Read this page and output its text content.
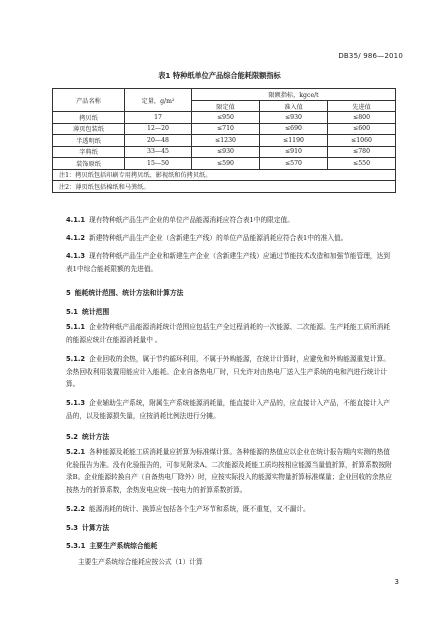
DB35/ 986—2010
表1 特种纸单位产品综合能耗限额指标
产品名称	定量，g/m²	限额指标，kgce/t		
		限定值	准入值	先进值
拷贝纸	17	≤950	≤930	≤800
薄页包装纸	12—20	≤710	≤690	≤600
半透明纸	20—48	≤1230	≤1190	≤1060
字典纸	33—45	≤930	≤910	≤780
装饰原纸	15—50	≤590	≤570	≤550
注1：拷贝纸包括印刷专用拷贝纸、影视纸和仿拷贝纸。				
注2：薄页纸包括棉纸和马粪纸。				
4.1.1 现有特种纸产品生产企业的单位产品能源消耗应符合表1中的限定值。
4.1.2 新建特种纸产品生产企业（含新建生产线）的单位产品能源消耗应符合表1中的准入值。
4.1.3 现有特种纸产品生产企业和新建生产企业（含新建生产线）应通过节能技术改造和加强节能管理，达到表1中综合能耗限额的先进值。
5 能耗统计范围、统计方法和计算方法
5.1 统计范围
5.1.1 企业特种纸产品能源消耗统计范围应包括生产全过程消耗的一次能源、二次能源。生产耗能工质所消耗的能源应统计在能源消耗量中 。
5.1.2 企业回收的余热，属于节约循环利用，不属于外购能源，在统计计算时，应避免和外购能源重复计算。余热回收利用装置用能应计入能耗。企业自备热电厂时，只允许对由热电厂送入生产系统的电和汽进行统计计算。
5.1.3 企业辅助生产系统，附属生产系统能源消耗量，能直接计入产品的，应直接计入产品，不能直接计入产品的，以及能源损失量，应按消耗比例法进行分摊。
5.2 统计方法
5.2.1 各种能源及耗能工质消耗量应折算为标准煤计算。各种能源的热值应以企业在统计报告期内实测的热值化验报告为准。没有化验报告的，可参见附录A。二次能源及耗能工质均按相应能源当量值折算，折算系数按附录B。企业能源转换自产（自备热电厂除外）时，应按实际投入的能源实物量折算标准煤量；企业回收的余热应按热力的折算系数，余热发电应统一按电力的折算系数折算。
5.2.2 能源消耗的统计、换算应包括各个生产环节和系统，既不重复，又不漏计。
5.3 计算方法
5.3.1 主要生产系统综合能耗
主要生产系统综合能耗应按公式（1）计算
3
